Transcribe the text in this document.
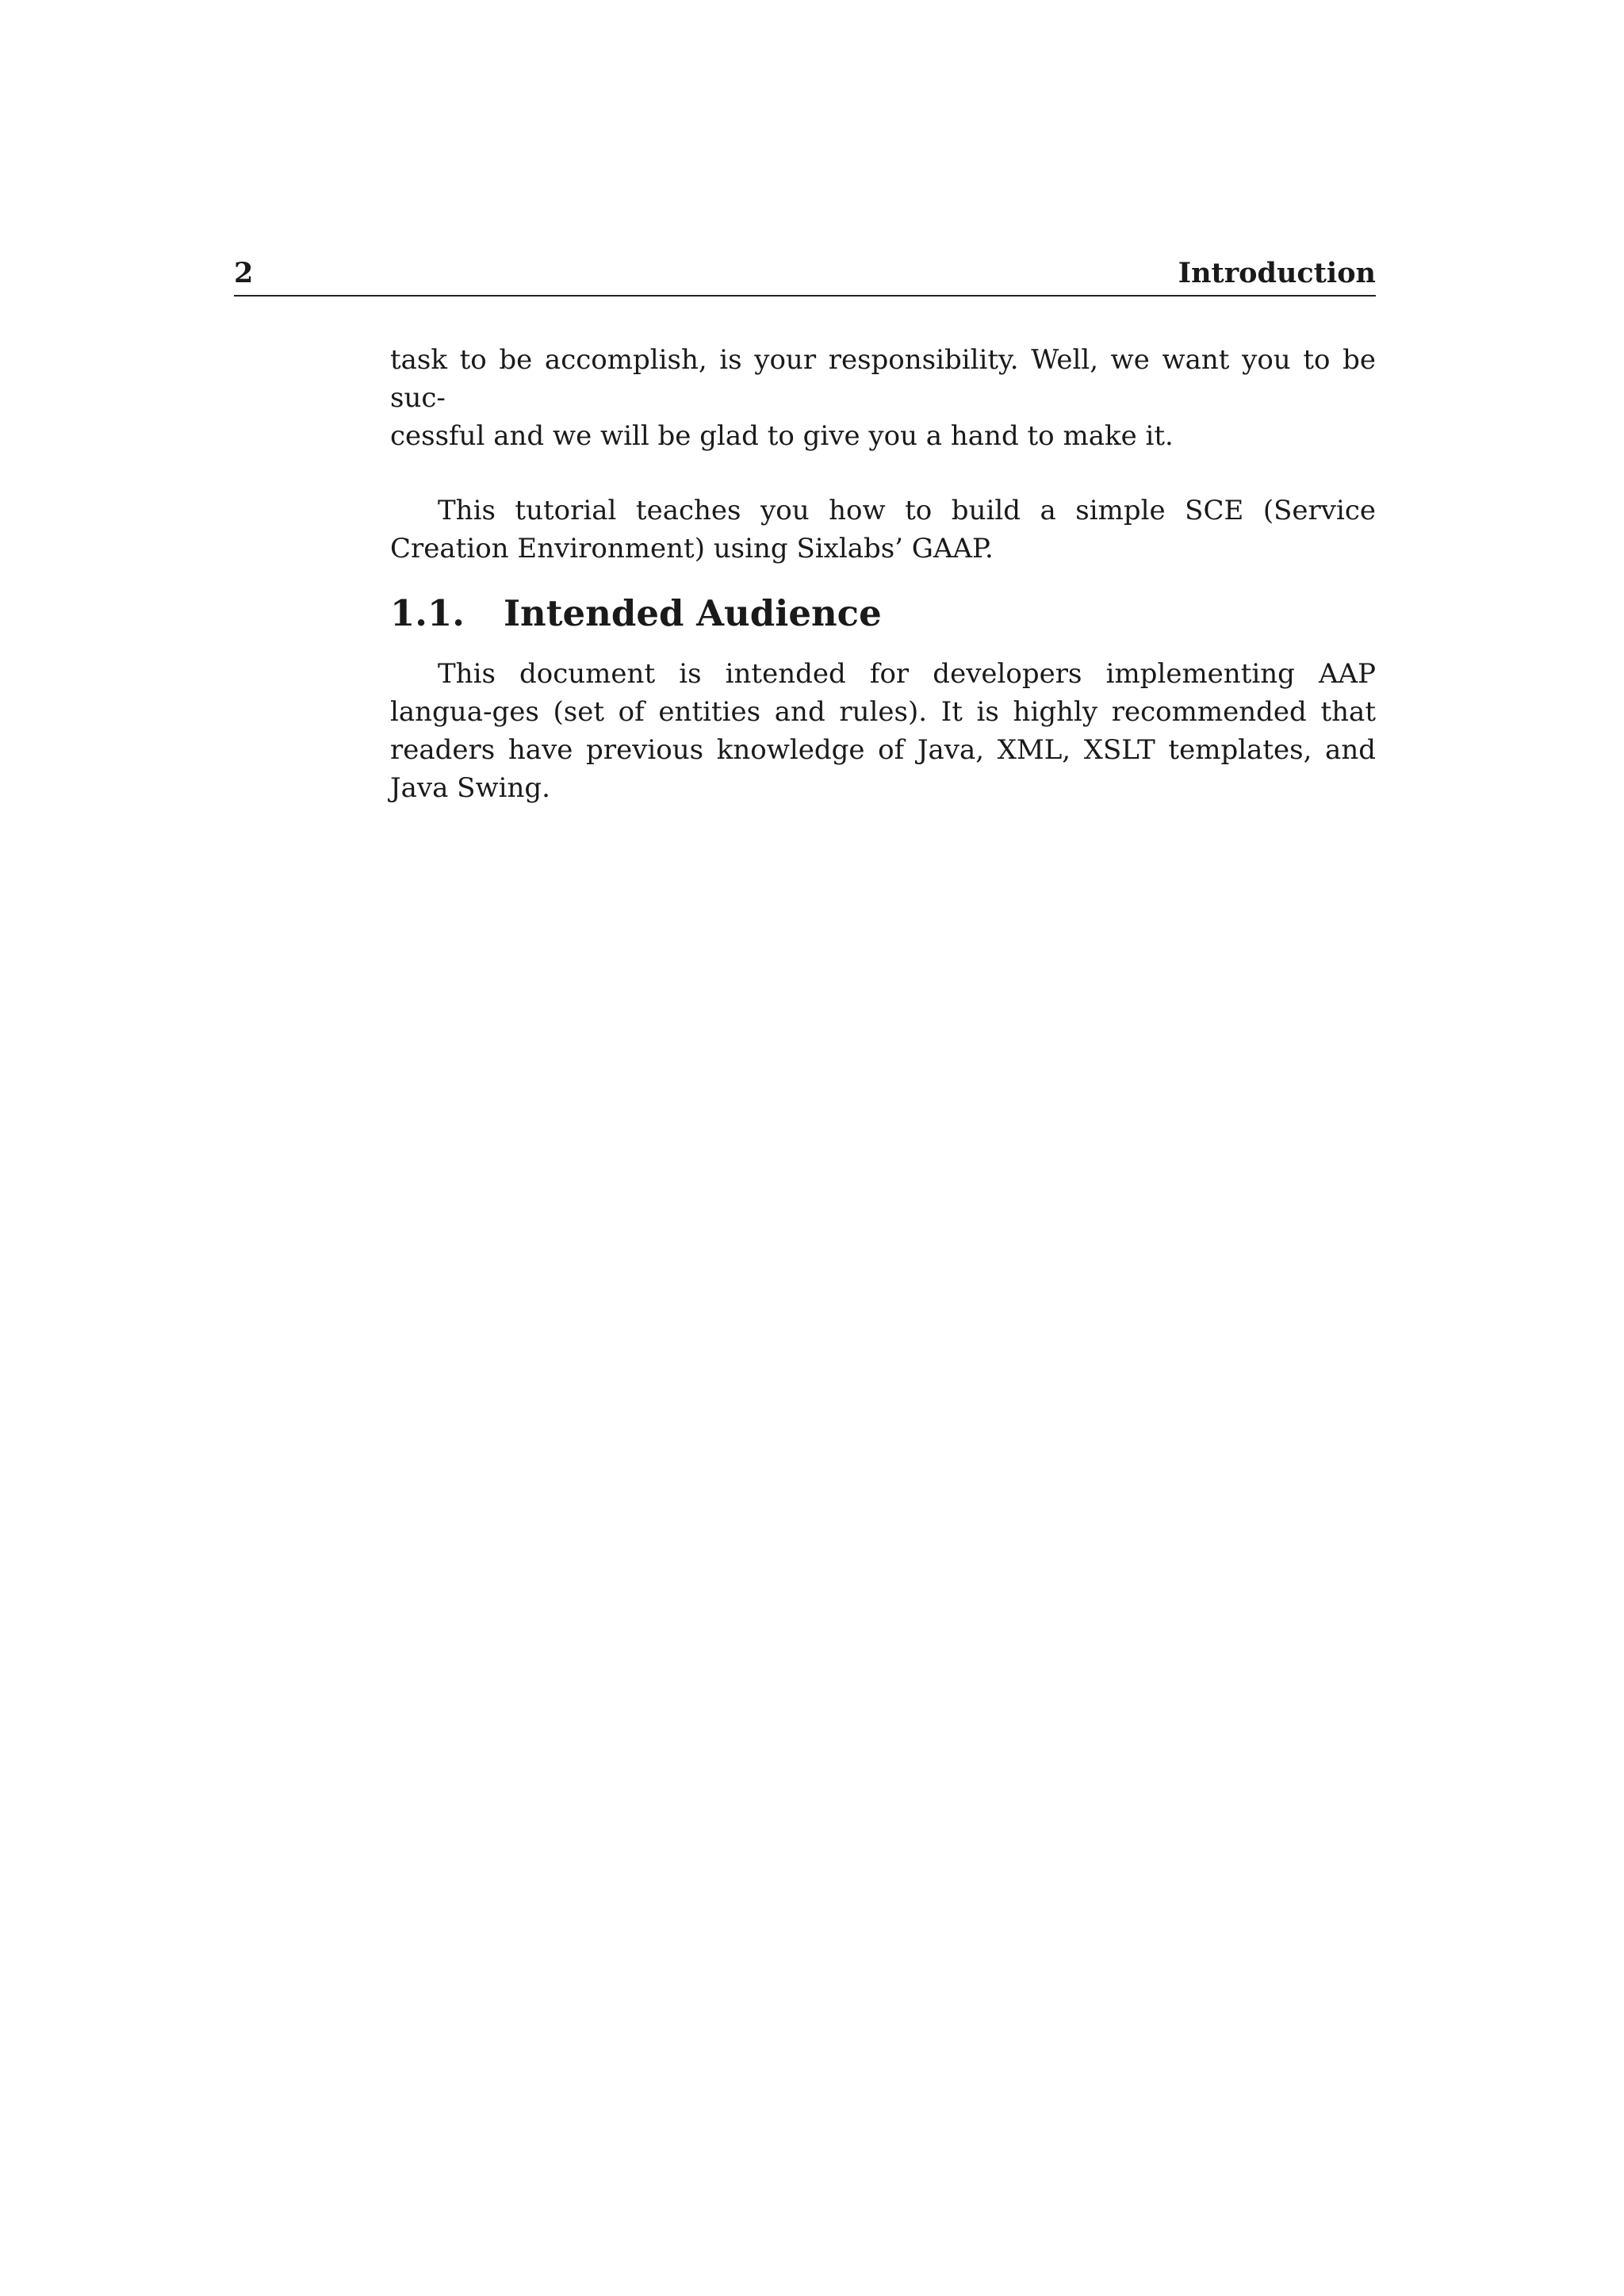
2	Introduction

task to be accomplish, is your responsibility. Well, we want you to be suc-
cessful and we will be glad to give you a hand to make it.

This tutorial teaches you how to build a simple SCE (Service Creation Environment) using Sixlabs’ GAAP.

1.1. Intended Audience

This document is intended for developers implementing AAP langua-ges (set of entities and rules). It is highly recommended that readers have previous knowledge of Java, XML, XSLT templates, and Java Swing.
